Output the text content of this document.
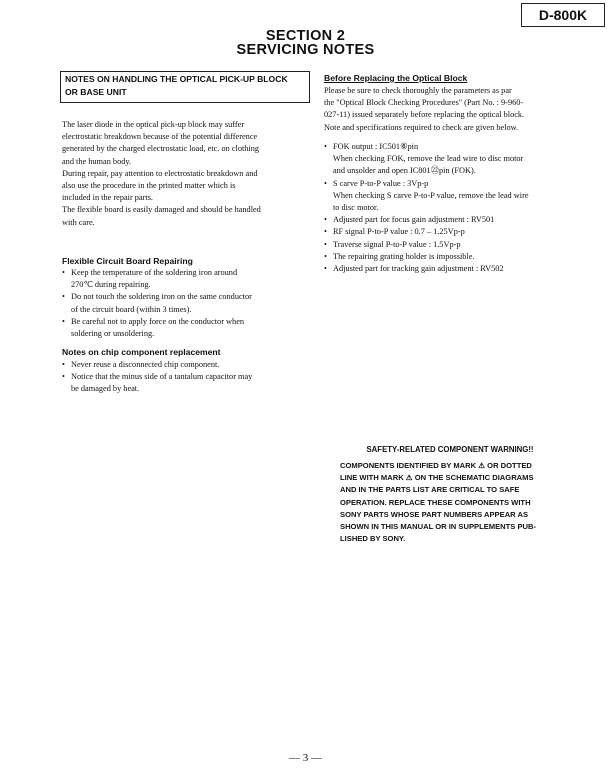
D-800K
SECTION 2
SERVICING NOTES
NOTES ON HANDLING THE OPTICAL PICK-UP BLOCK
OR BASE UNIT
The laser diode in the optical pick-up block may suffer
electrostatic breakdown because of the potential difference
generated by the charged electrostatic load, etc. on clothing
and the human body.
During repair, pay attention to electrostatic breakdown and
also use the procedure in the printed matter which is
included in the repair parts.
The flexible board is easily damaged and should be handled
with care.
Flexible Circuit Board Repairing
• Keep the temperature of the soldering iron around
270℃ during repairing.
• Do not touch the soldering iron on the same conductor
of the circuit board (within 3 times).
• Be careful not to apply force on the conductor when
soldering or unsoldering.
Notes on chip component replacement
• Never reuse a disconnected chip component.
• Notice that the minus side of a tantalum capacitor may
be damaged by heat.
Before Replacing the Optical Block
Please be sure to check thoroughly the parameters as par
the "Optical Block Checking Procedures" (Part No. : 9-960-
027-11) issued separately before replacing the optical block.
Note and specifications required to check are given below.
• FOK output : IC501⑥pin
When checking FOK, remove the lead wire to disc motor
and unsolder and open IC801㉒pin (FOK).
• S carve P-to-P value : 3Vp-p
When checking S carve P-to-P value, remove the lead wire
to disc motor.
• Adjusted part for focus gain adjustment : RV501
• RF signal P-to-P value : 0.7 – 1.25Vp-p
• Traverse signal P-to-P value : 1.5Vp-p
• The repairing grating holder is impossible.
• Adjusted part for tracking gain adjustment : RV502
SAFETY-RELATED COMPONENT WARNING!!
COMPONENTS IDENTIFIED BY MARK ⚠ OR DOTTED
LINE WITH MARK ⚠ ON THE SCHEMATIC DIAGRAMS
AND IN THE PARTS LIST ARE CRITICAL TO SAFE
OPERATION. REPLACE THESE COMPONENTS WITH
SONY PARTS WHOSE PART NUMBERS APPEAR AS
SHOWN IN THIS MANUAL OR IN SUPPLEMENTS PUB-
LISHED BY SONY.
— 3 —
